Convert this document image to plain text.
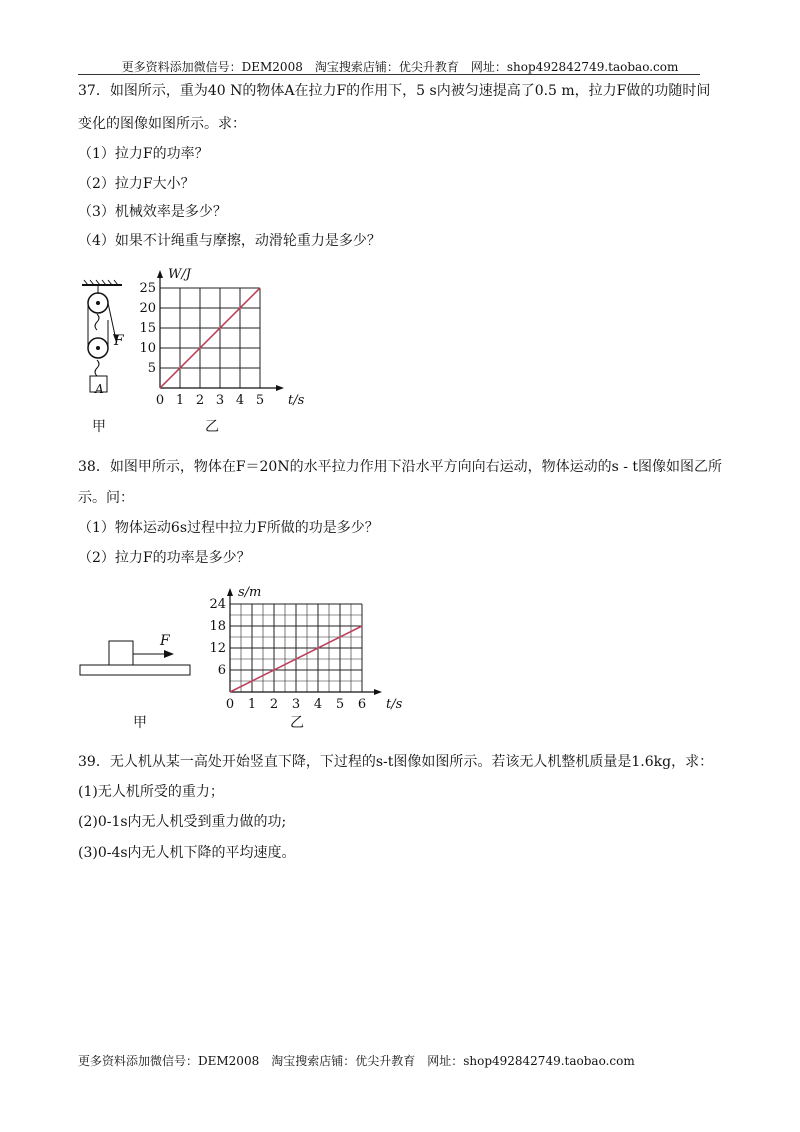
更多资料添加微信号：DEM2008　淘宝搜索店铺：优尖升教育　网址：shop492842749.taobao.com
37．如图所示，重为40 N的物体A在拉力F的作用下，5 s内被匀速提高了0.5 m，拉力F做的功随时间
变化的图像如图所示。求：
（1）拉力F的功率？
（2）拉力F大小？
（3）机械效率是多少？
（4）如果不计绳重与摩擦，动滑轮重力是多少？
F
A
甲
0 1 2 3 4 5
5
10
15
20
25
t/s
W/J
乙
38．如图甲所示，物体在F＝20N的水平拉力作用下沿水平方向向右运动，物体运动的s - t图像如图乙所
示。问：
（1）物体运动6s过程中拉力F所做的功是多少？
（2）拉力F的功率是多少？
F
甲
0 1 2 3 4 5 6
6
12
18
24
t/s
s/m
乙
39．无人机从某一高处开始竖直下降，下过程的s-t图像如图所示。若该无人机整机质量是1.6kg，求：
(1)无人机所受的重力；
(2)0-1s内无人机受到重力做的功;
(3)0-4s内无人机下降的平均速度。
更多资料添加微信号：DEM2008　淘宝搜索店铺：优尖升教育　网址：shop492842749.taobao.com
